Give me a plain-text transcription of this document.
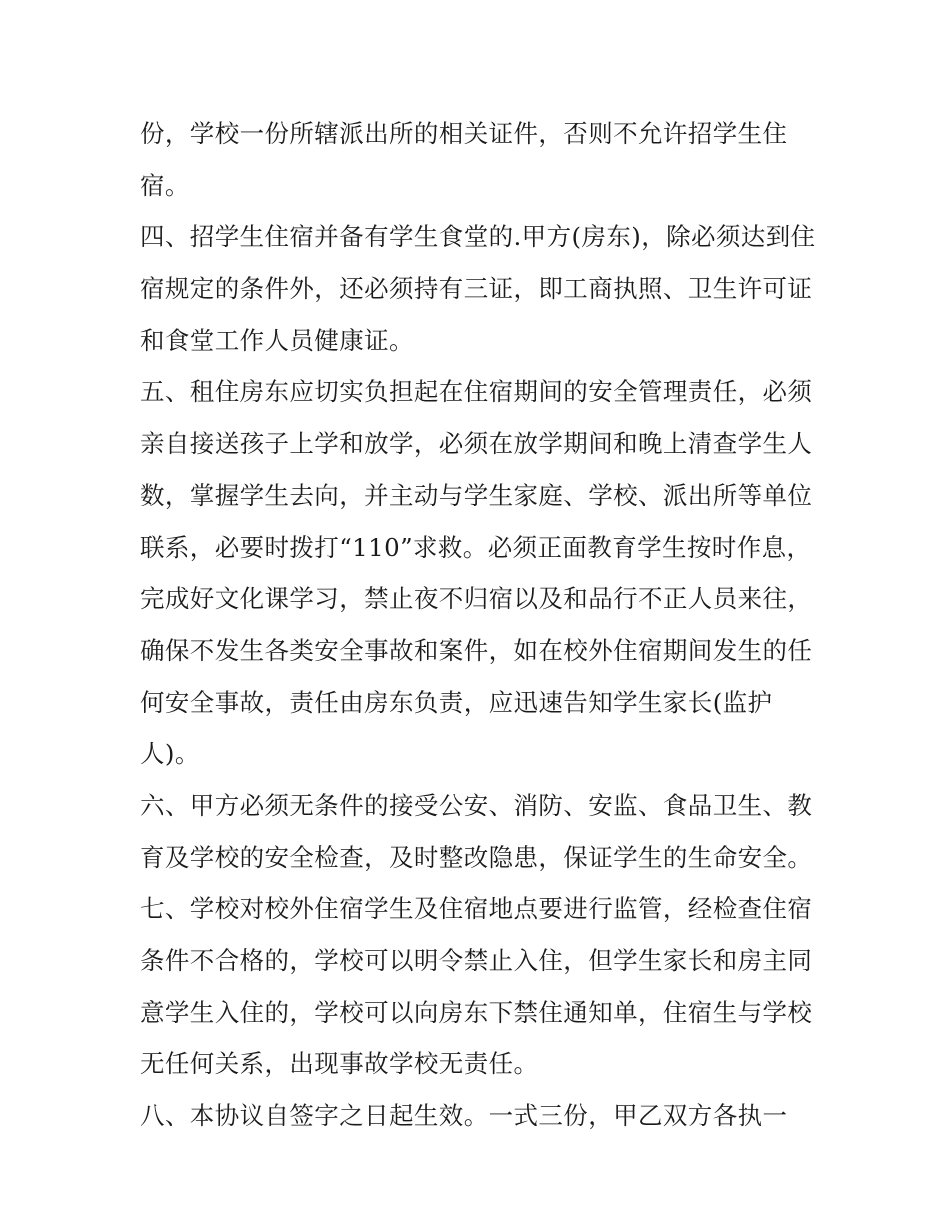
份，学校一份所辖派出所的相关证件，否则不允许招学生住
宿。
四、招学生住宿并备有学生食堂的.甲方(房东)，除必须达到住
宿规定的条件外，还必须持有三证，即工商执照、卫生许可证
和食堂工作人员健康证。
五、租住房东应切实负担起在住宿期间的安全管理责任，必须
亲自接送孩子上学和放学，必须在放学期间和晚上清查学生人
数，掌握学生去向，并主动与学生家庭、学校、派出所等单位
联系，必要时拨打“110”求救。必须正面教育学生按时作息，
完成好文化课学习，禁止夜不归宿以及和品行不正人员来往，
确保不发生各类安全事故和案件，如在校外住宿期间发生的任
何安全事故，责任由房东负责，应迅速告知学生家长(监护
人)。
六、甲方必须无条件的接受公安、消防、安监、食品卫生、教
育及学校的安全检查，及时整改隐患，保证学生的生命安全。
七、学校对校外住宿学生及住宿地点要进行监管，经检查住宿
条件不合格的，学校可以明令禁止入住，但学生家长和房主同
意学生入住的，学校可以向房东下禁住通知单，住宿生与学校
无任何关系，出现事故学校无责任。
八、本协议自签字之日起生效。一式三份，甲乙双方各执一
